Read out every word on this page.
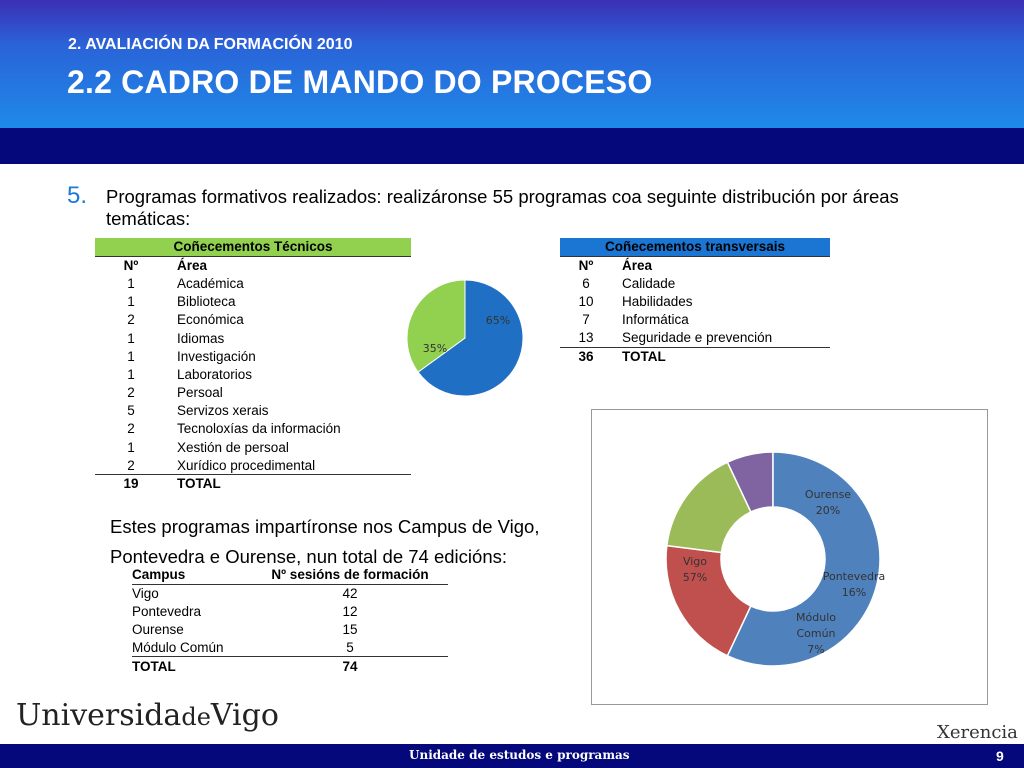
2. AVALIACIÓN DA FORMACIÓN 2010
2.2 CADRO DE MANDO DO PROCESO
5. Programas formativos realizados: realizáronse 55 programas coa seguinte distribución por áreas temáticas:
Coñecementos Técnicos	
Nº	Área
1	Académica
1	Biblioteca
2	Económica
1	Idiomas
1	Investigación
1	Laboratorios
2	Persoal
5	Servizos xerais
2	Tecnoloxías da información
1	Xestión de persoal
2	Xurídico procedimental
19	TOTAL
65%
35%
Coñecementos transversais	
Nº	Área
6	Calidade
10	Habilidades
7	Informática
13	Seguridade e prevención
36	TOTAL
Estes programas impartíronse nos Campus de Vigo,
Pontevedra e Ourense, nun total de 74 edicións:
Campus	Nº sesións de formación
Vigo	42
Pontevedra	12
Ourense	15
Módulo Común	5
TOTAL	74
Vigo
57%
Ourense
20%
Pontevedra
16%
Módulo
Común
7%
UniversidadeVigo	Xerencia
Unidade de estudos e programas	9
